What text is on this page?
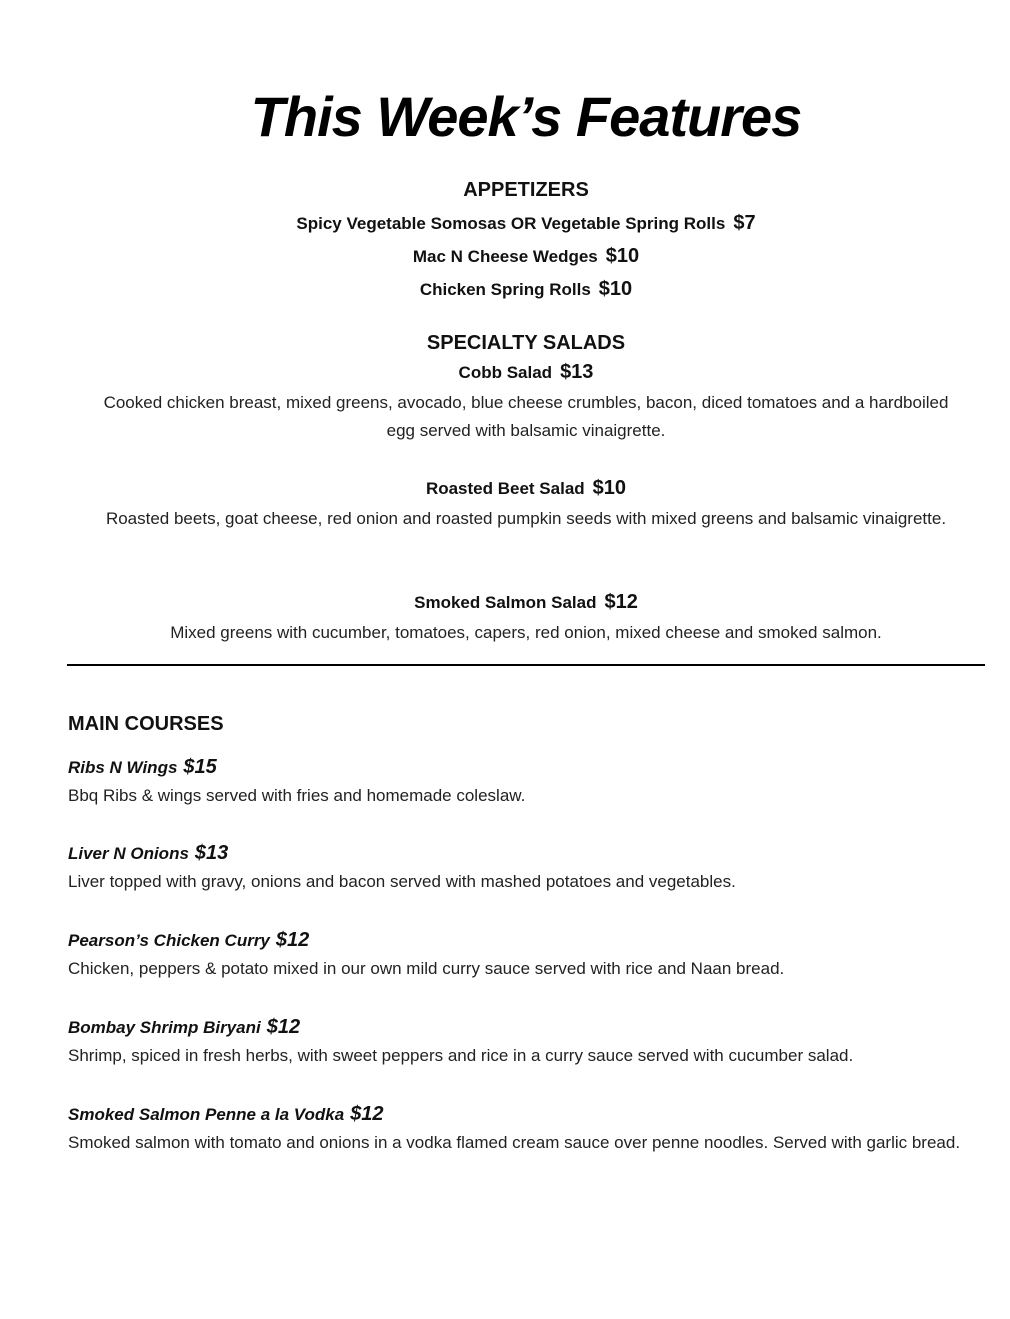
This Week’s Features
APPETIZERS
Spicy Vegetable Somosas OR Vegetable Spring Rolls $7
Mac N Cheese Wedges $10
Chicken Spring Rolls $10
SPECIALTY SALADS
Cobb Salad $13
Cooked chicken breast, mixed greens, avocado, blue cheese crumbles, bacon, diced tomatoes and a hardboiled egg served with balsamic vinaigrette.
Roasted Beet Salad $10
Roasted beets, goat cheese, red onion and roasted pumpkin seeds with mixed greens and balsamic vinaigrette.
Smoked Salmon Salad $12
Mixed greens with cucumber, tomatoes, capers, red onion, mixed cheese and smoked salmon.
MAIN COURSES
Ribs N Wings $15
Bbq Ribs & wings served with fries and homemade coleslaw.
Liver N Onions $13
Liver topped with gravy, onions and bacon served with mashed potatoes and vegetables.
Pearson’s Chicken Curry $12
Chicken, peppers & potato mixed in our own mild curry sauce served with rice and Naan bread.
Bombay Shrimp Biryani $12
Shrimp, spiced in fresh herbs, with sweet peppers and rice in a curry sauce served with cucumber salad.
Smoked Salmon Penne a la Vodka $12
Smoked salmon with tomato and onions in a vodka flamed cream sauce over penne noodles. Served with garlic bread.
